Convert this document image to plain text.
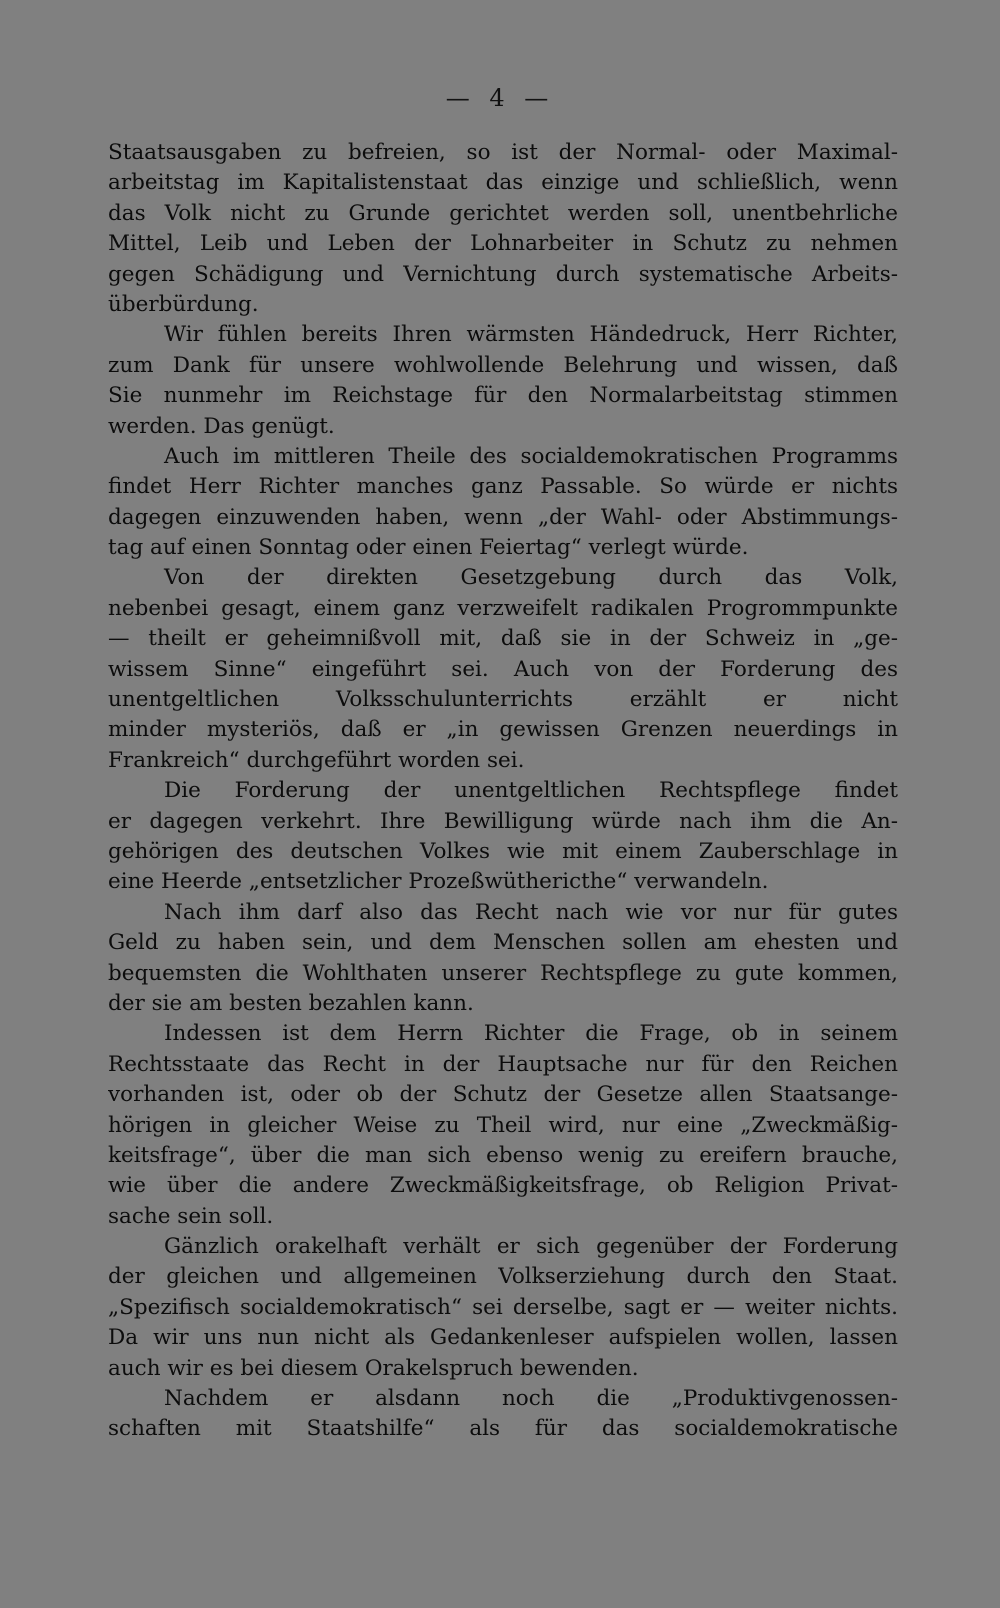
— 4 —
Staatsausgaben zu befreien, so ist der Normal- oder Maximal-
arbeitstag im Kapitalistenstaat das einzige und schließlich, wenn
das Volk nicht zu Grunde gerichtet werden soll, unentbehrliche
Mittel, Leib und Leben der Lohnarbeiter in Schutz zu nehmen
gegen Schädigung und Vernichtung durch systematische Arbeits-
überbürdung.
Wir fühlen bereits Ihren wärmsten Händedruck, Herr Richter,
zum Dank für unsere wohlwollende Belehrung und wissen, daß
Sie nunmehr im Reichstage für den Normalarbeitstag stimmen
werden. Das genügt.
Auch im mittleren Theile des socialdemokratischen Programms
findet Herr Richter manches ganz Passable. So würde er nichts
dagegen einzuwenden haben, wenn „der Wahl- oder Abstimmungs-
tag auf einen Sonntag oder einen Feiertag“ verlegt würde.
Von der direkten Gesetzgebung durch das Volk,
nebenbei gesagt, einem ganz verzweifelt radikalen Progrommpunkte
— theilt er geheimnißvoll mit, daß sie in der Schweiz in „ge-
wissem Sinne“ eingeführt sei. Auch von der Forderung des
unentgeltlichen Volksschulunterrichts erzählt er nicht
minder mysteriös, daß er „in gewissen Grenzen neuerdings in
Frankreich“ durchgeführt worden sei.
Die Forderung der unentgeltlichen Rechtspflege findet
er dagegen verkehrt. Ihre Bewilligung würde nach ihm die An-
gehörigen des deutschen Volkes wie mit einem Zauberschlage in
eine Heerde „entsetzlicher Prozeßwüthericthe“ verwandeln.
Nach ihm darf also das Recht nach wie vor nur für gutes
Geld zu haben sein, und dem Menschen sollen am ehesten und
bequemsten die Wohlthaten unserer Rechtspflege zu gute kommen,
der sie am besten bezahlen kann.
Indessen ist dem Herrn Richter die Frage, ob in seinem
Rechtsstaate das Recht in der Hauptsache nur für den Reichen
vorhanden ist, oder ob der Schutz der Gesetze allen Staatsange-
hörigen in gleicher Weise zu Theil wird, nur eine „Zweckmäßig-
keitsfrage“, über die man sich ebenso wenig zu ereifern brauche,
wie über die andere Zweckmäßigkeitsfrage, ob Religion Privat-
sache sein soll.
Gänzlich orakelhaft verhält er sich gegenüber der Forderung
der gleichen und allgemeinen Volkserziehung durch den Staat.
„Spezifisch socialdemokratisch“ sei derselbe, sagt er — weiter nichts.
Da wir uns nun nicht als Gedankenleser aufspielen wollen, lassen
auch wir es bei diesem Orakelspruch bewenden.
Nachdem er alsdann noch die „Produktivgenossen-
schaften mit Staatshilfe“ als für das socialdemokratische
